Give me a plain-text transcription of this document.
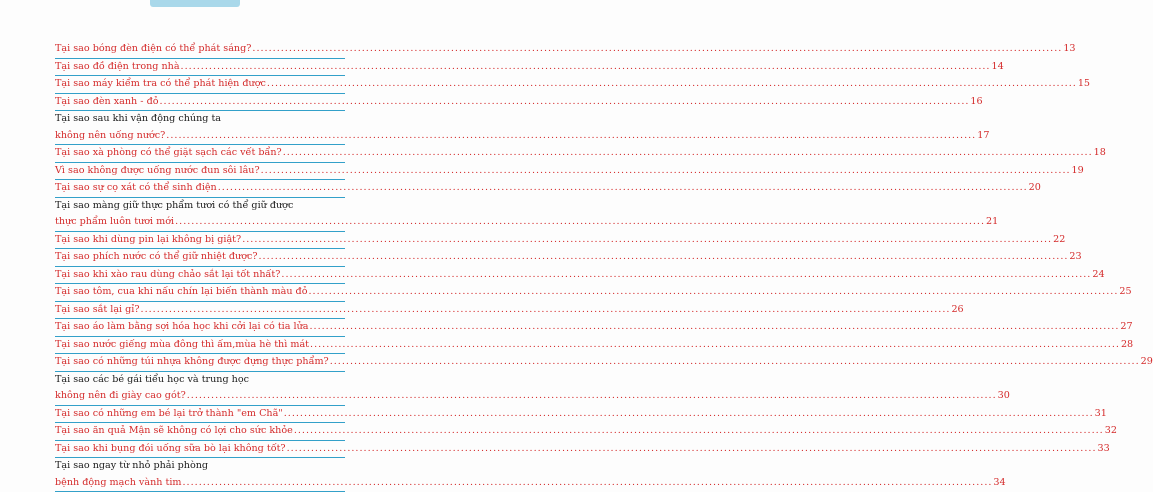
Tại sao bóng đèn điện có thể phát sáng? ........................................................................................................................................................................................................ 13
Tại sao đồ điện trong nhà ........................................................................................................................................................................................................ 14
Tại sao máy kiểm tra có thể phát hiện được ........................................................................................................................................................................................................ 15
Tại sao đèn xanh - đỏ ........................................................................................................................................................................................................ 16
Tại sao sau khi vận động chúng ta
không nên uống nước? ........................................................................................................................................................................................................ 17
Tại sao xà phòng có thể giặt sạch các vết bẩn? ........................................................................................................................................................................................................ 18
Vì sao không được uống nước đun sôi lâu? ........................................................................................................................................................................................................ 19
Tại sao sự cọ xát có thể sinh điện ........................................................................................................................................................................................................ 20
Tại sao màng giữ thực phẩm tươi có thể giữ được
thực phẩm luôn tươi mới ........................................................................................................................................................................................................ 21
Tại sao khi dùng pin lại không bị giật? ........................................................................................................................................................................................................ 22
Tại sao phích nước có thể giữ nhiệt được? ........................................................................................................................................................................................................ 23
Tại sao khi xào rau dùng chảo sắt lại tốt nhất? ........................................................................................................................................................................................................ 24
Tại sao tôm, cua khi nấu chín lại biến thành màu đỏ ........................................................................................................................................................................................................ 25
Tại sao sắt lại gỉ? ........................................................................................................................................................................................................ 26
Tại sao áo làm bằng sợi hóa học khi cởi lại có tia lửa ........................................................................................................................................................................................................ 27
Tại sao nước giếng mùa đông thì ấm,mùa hè thì mát ........................................................................................................................................................................................................ 28
Tại sao có những túi nhựa không được đựng thực phẩm? ........................................................................................................................................................................................................ 29
Tại sao các bé gái tiểu học và trung học
không nên đi giày cao gót? ........................................................................................................................................................................................................ 30
Tại sao có những em bé lại trở thành "em Chã" ........................................................................................................................................................................................................ 31
Tại sao ăn quả Mận sẽ không có lợi cho sức khỏe ........................................................................................................................................................................................................ 32
Tại sao khi bụng đói uống sữa bò lại không tốt? ........................................................................................................................................................................................................ 33
Tại sao ngay từ nhỏ phải phòng
bệnh động mạch vành tim ........................................................................................................................................................................................................ 34
